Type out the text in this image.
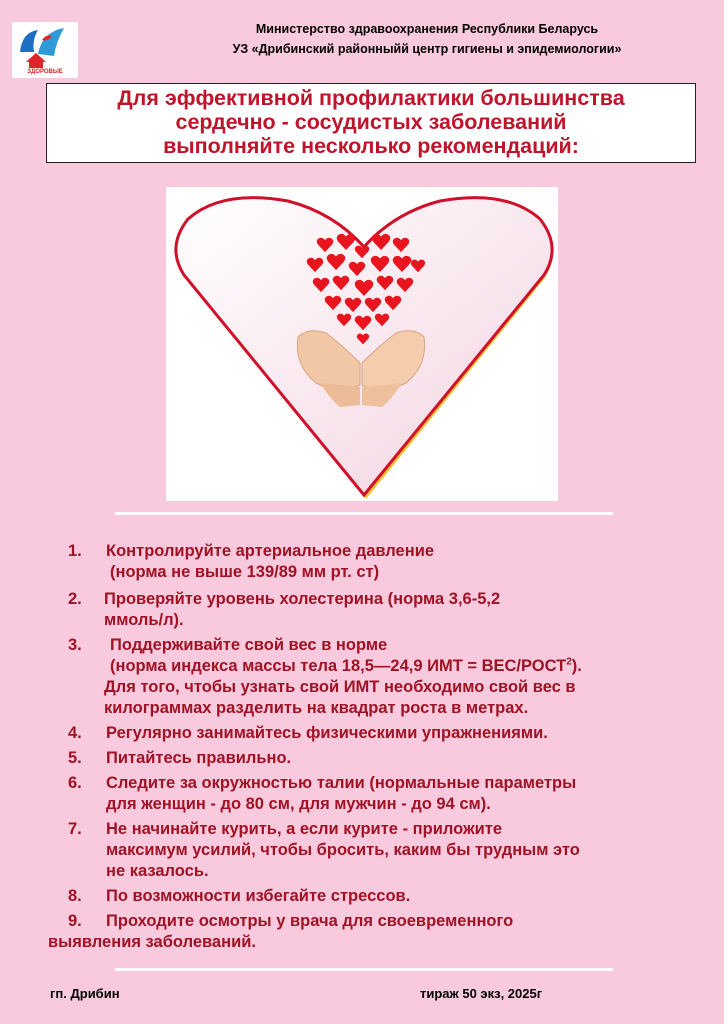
ЗДОРОВЫЕ
Министерство здравоохранения Республики Беларусь
УЗ «Дрибинский районныйй центр гигиены и эпидемиологии»
Для эффективной профилактики большинства
сердечно - сосудистых заболеваний
выполняйте несколько рекомендаций:
1. Контролируйте артериальное давление
(норма не выше 139/89 мм рт. ст)
2. Проверяйте уровень холестерина (норма 3,6-5,2
ммоль/л).
3.	Поддерживайте свой вес в норме
(норма индекса массы тела 18,5—24,9 ИМТ = ВЕС/$РОСТ^2$).
Для того, чтобы узнать свой ИМТ необходимо свой вес в
килограммах разделить на квадрат роста в метрах.
4. Регулярно занимайтесь физическими упражнениями.
5. Питайтесь правильно.
6. Следите за окружностью талии (нормальные параметры
для женщин - до 80 см, для мужчин - до 94 см).
7. Не начинайте курить, а если курите - приложите
максимум усилий, чтобы бросить, каким бы трудным это
не казалось.
8. По возможности избегайте стрессов.
9. Проходите осмотры у врача для своевременного
выявления заболеваний.
гп. Дрибин	тираж 50 экз, 2025г
